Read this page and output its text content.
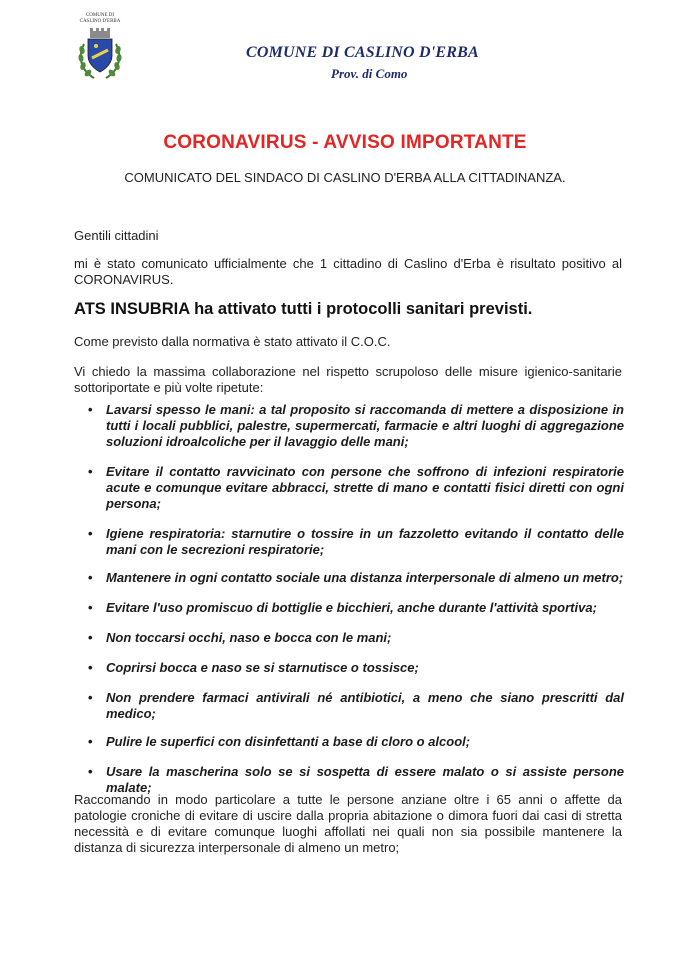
COMUNE DI CASLINO D'ERBA
COMUNE DI CASLINO D'ERBA
Prov. di Como
CORONAVIRUS - AVVISO IMPORTANTE
COMUNICATO DEL SINDACO DI CASLINO D'ERBA ALLA CITTADINANZA.
Gentili cittadini
mi è stato comunicato ufficialmente che 1 cittadino di Caslino d'Erba è risultato positivo al CORONAVIRUS.
ATS INSUBRIA ha attivato tutti i protocolli sanitari previsti.
Come previsto dalla normativa è stato attivato il C.O.C.
Vi chiedo la massima collaborazione nel rispetto scrupoloso delle misure igienico-sanitarie sottoriportate e più volte ripetute:
• Lavarsi spesso le mani: a tal proposito si raccomanda di mettere a disposizione in tutti i locali pubblici, palestre, supermercati, farmacie e altri luoghi di aggregazione soluzioni idroalcoliche per il lavaggio delle mani;
• Evitare il contatto ravvicinato con persone che soffrono di infezioni respiratorie acute e comunque evitare abbracci, strette di mano e contatti fisici diretti con ogni persona;
• Igiene respiratoria: starnutire o tossire in un fazzoletto evitando il contatto delle mani con le secrezioni respiratorie;
• Mantenere in ogni contatto sociale una distanza interpersonale di almeno un metro;
• Evitare l'uso promiscuo di bottiglie e bicchieri, anche durante l'attività sportiva;
• Non toccarsi occhi, naso e bocca con le mani;
• Coprirsi bocca e naso se si starnutisce o tossisce;
• Non prendere farmaci antivirali né antibiotici, a meno che siano prescritti dal medico;
• Pulire le superfici con disinfettanti a base di cloro o alcool;
• Usare la mascherina solo se si sospetta di essere malato o si assiste persone malate;
Raccomando in modo particolare a tutte le persone anziane oltre i 65 anni o affette da patologie croniche di evitare di uscire dalla propria abitazione o dimora fuori dai casi di stretta necessità e di evitare comunque luoghi affollati nei quali non sia possibile mantenere la distanza di sicurezza interpersonale di almeno un metro;
